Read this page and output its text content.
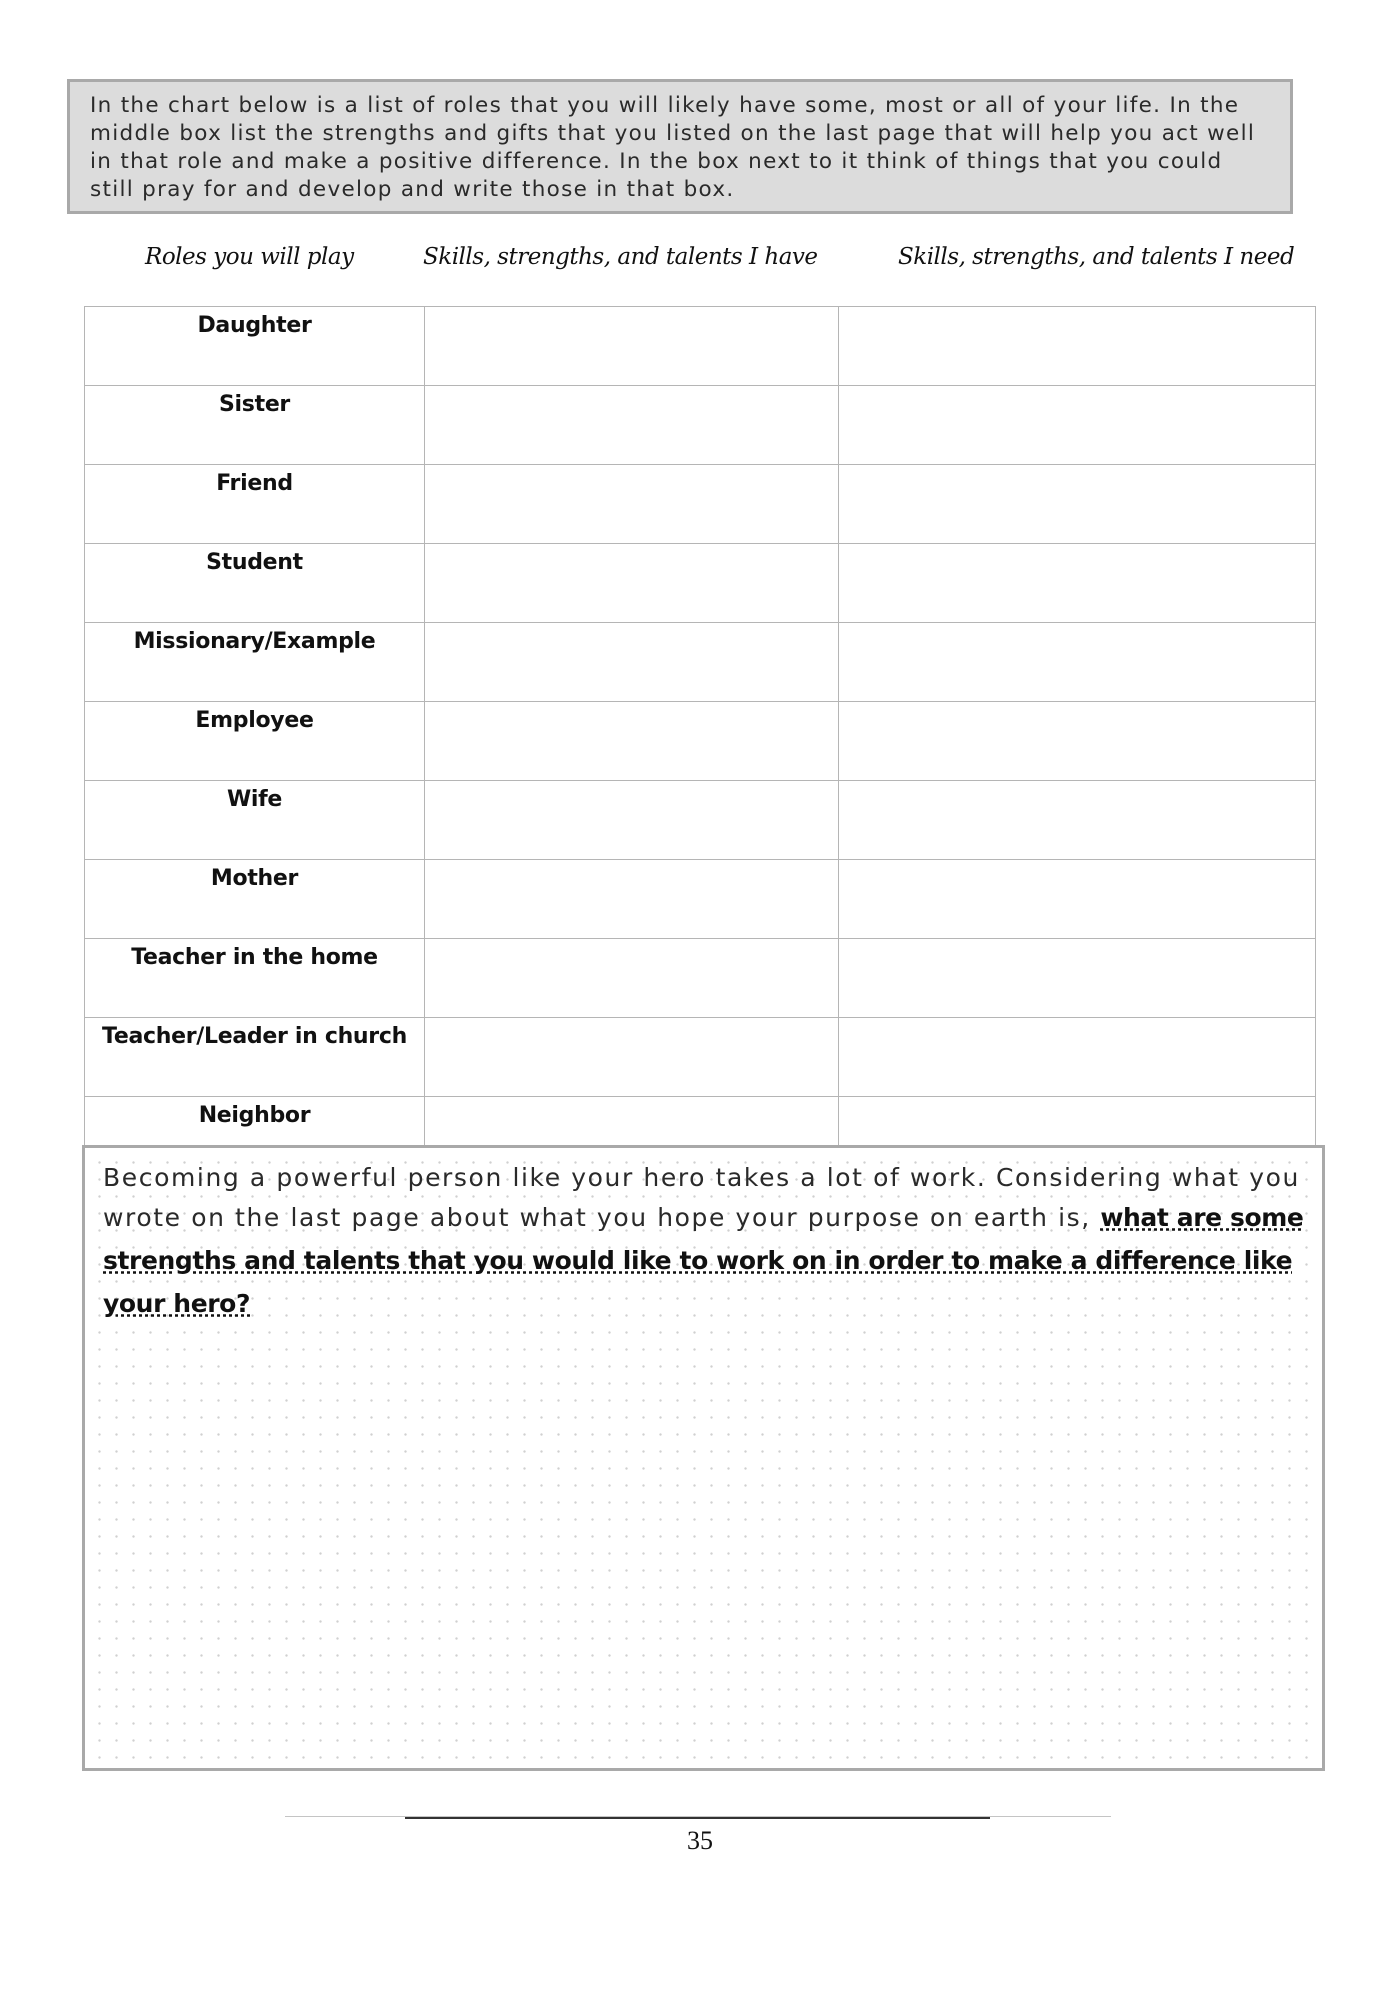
In the chart below is a list of roles that you will likely have some, most or all of your life. In the middle box list the strengths and gifts that you listed on the last page that will help you act well in that role and make a positive difference. In the box next to it think of things that you could still pray for and develop and write those in that box.
Roles you will play	Skills, strengths, and talents I have	Skills, strengths, and talents I need
Daughter		
Sister		
Friend		
Student		
Missionary/Example		
Employee		
Wife		
Mother		
Teacher in the home		
Teacher/Leader in church		
Neighbor		
Becoming a powerful person like your hero takes a lot of work. Considering what you wrote on the last page about what you hope your purpose on earth is, what are some strengths and talents that you would like to work on in order to make a difference like your hero?
35
